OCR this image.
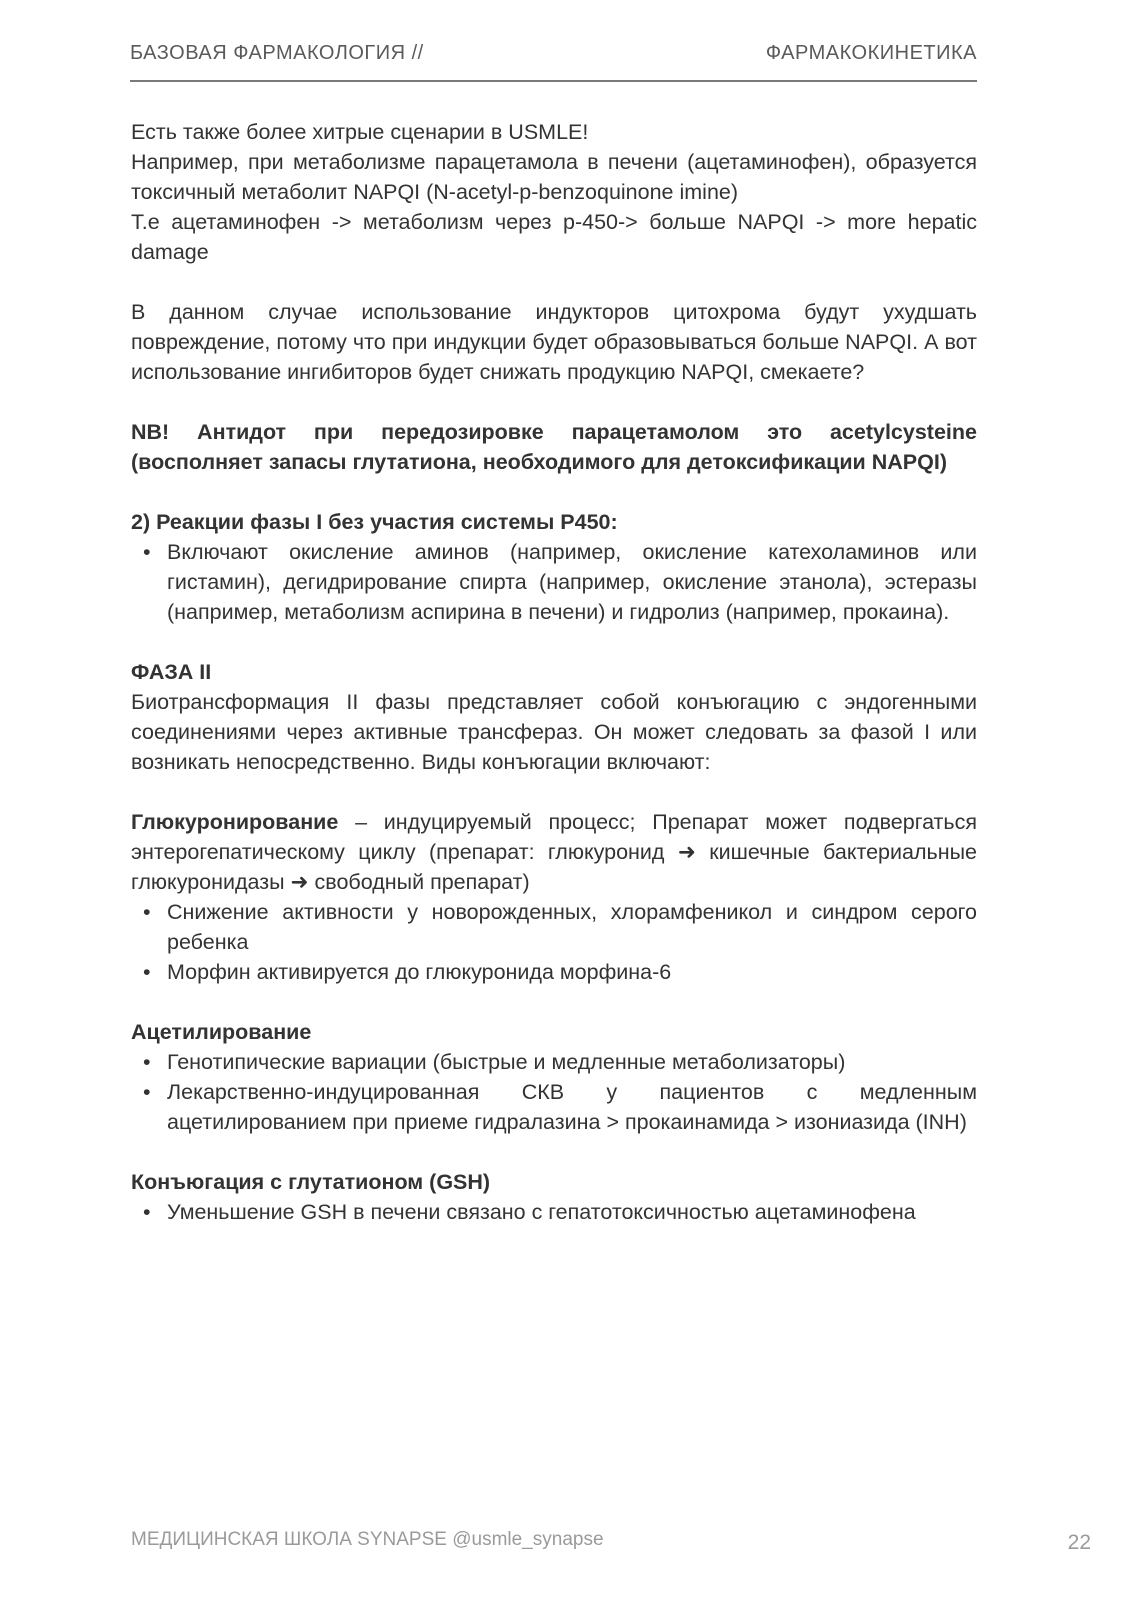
БАЗОВАЯ ФАРМАКОЛОГИЯ //	ФАРМАКОКИНЕТИКА

Есть также более хитрые сценарии в USMLE!
Например, при метаболизме парацетамола в печени (ацетаминофен), образуется токсичный метаболит NAPQI (N-acetyl-p-benzoquinone imine)
Т.е ацетаминофен -> метаболизм через p-450-> больше NAPQI -> more hepatic damage

В данном случае использование индукторов цитохрома будут ухудшать повреждение, потому что при индукции будет образовываться больше NAPQI. А вот использование ингибиторов будет снижать продукцию NAPQI, смекаете?

NB! Антидот при передозировке парацетамолом это acetylcysteine (восполняет запасы глутатиона, необходимого для детоксификации NAPQI)

2) Реакции фазы I без участия системы P450:

• Включают окисление аминов (например, окисление катехоламинов или гистамин), дегидрирование спирта (например, окисление этанола), эстеразы (например, метаболизм аспирина в печени) и гидролиз (например, прокаина).

ФАЗА II

Биотрансформация II фазы представляет собой конъюгацию с эндогенными соединениями через активные трансфераз. Он может следовать за фазой I или возникать непосредственно. Виды конъюгации включают:

Глюкуронирование – индуцируемый процесс; Препарат может подвергаться энтерогепатическому циклу (препарат: глюкуронид ➜ кишечные бактериальные глюкуронидазы ➜ свободный препарат)

• Снижение активности у новорожденных, хлорамфеникол и синдром серого ребенка
• Морфин активируется до глюкуронида морфина-6

Ацетилирование

• Генотипические вариации (быстрые и медленные метаболизаторы)
• Лекарственно-индуцированная СКВ у пациентов с медленным ацетилированием при приеме гидралазина > прокаинамида > изониазида (INH)

Конъюгация с глутатионом (GSH)

• Уменьшение GSH в печени связано с гепатотоксичностью ацетаминофена
МЕДИЦИНСКАЯ ШКОЛА SYNAPSE @usmle_synapse	22
